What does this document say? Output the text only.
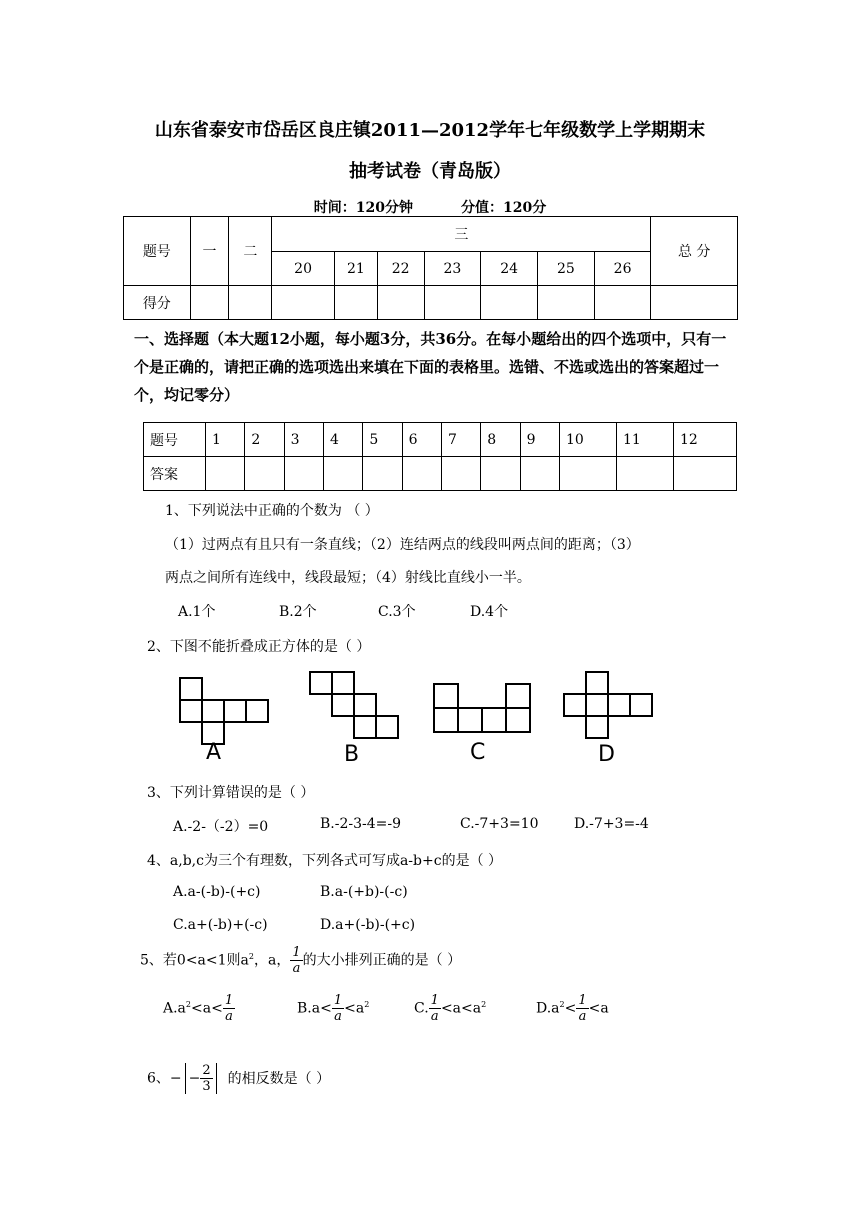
山东省泰安市岱岳区良庄镇2011—2012学年七年级数学上学期期末
抽考试卷（青岛版）
时间：120分钟	分值：120分
题号	一	二	三							总 分
			20	21	22	23	24	25	26	
得分										
一、选择题（本大题12小题，每小题3分，共36分。在每小题给出的四个选项中，只有一个是正确的，请把正确的选项选出来填在下面的表格里。选错、不选或选出的答案超过一个，均记零分）
题号	1	2	3	4	5	6	7	8	9	10	11	12
答案												
1、下列说法中正确的个数为 （ ）
（1）过两点有且只有一条直线；（2）连结两点的线段叫两点间的距离；（3）
两点之间所有连线中，线段最短；（4）射线比直线小一半。
A.1个	B.2个	C.3个	D.4个
2、下图不能折叠成正方体的是（ ）
A	B	C	D
3、下列计算错误的是（ ）
A.-2-（-2）=0	B.-2-3-4=-9	C.-7+3=10	D.-7+3=-4
4、a,b,c为三个有理数，下列各式可写成a-b+c的是（ ）
A.a-(-b)-(+c)	B.a-(+b)-(-c)
C.a+(-b)+(-c)	D.a+(-b)-(+c)
5、若0<a<1则$a^2$，a， $\frac{1}{a}$ 的大小排列正确的是（ ）
$A.a^2<a< \frac{1}{a}$	$B.a< \frac{1}{a} <a^2$	C. $\frac{1}{a} <a<a^2$	$D.a^2< \frac{1}{a} <a$
6、− − $\frac{2}{3}$ 的相反数是（ ）
